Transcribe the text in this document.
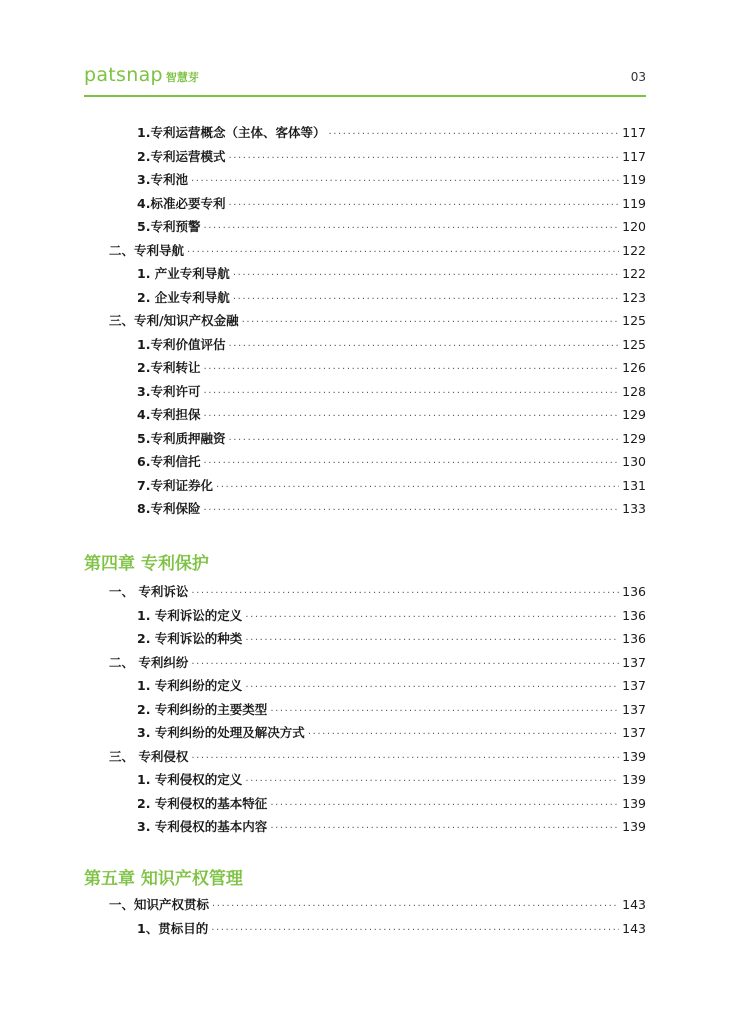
patsnap 智慧芽	03
1.专利运营概念（主体、客体等） ·····	117
2.专利运营模式 ·····	117
3.专利池 ·····	119
4.标准必要专利 ·····	119
5.专利预警 ·····	120
二、专利导航 ·····	122
1. 产业专利导航 ·····	122
2. 企业专利导航 ·····	123
三、专利/知识产权金融 ·····	125
1.专利价值评估 ·····	125
2.专利转让 ·····	126
3.专利许可 ·····	128
4.专利担保 ·····	129
5.专利质押融资 ·····	129
6.专利信托 ·····	130
7.专利证券化 ·····	131
8.专利保险 ·····	133
第四章 专利保护
一、 专利诉讼 ·····	136
1. 专利诉讼的定义 ·····	136
2. 专利诉讼的种类 ·····	136
二、 专利纠纷 ·····	137
1. 专利纠纷的定义 ·····	137
2. 专利纠纷的主要类型 ·····	137
3. 专利纠纷的处理及解决方式 ·····	137
三、 专利侵权 ·····	139
1. 专利侵权的定义 ·····	139
2. 专利侵权的基本特征 ·····	139
3. 专利侵权的基本内容 ·····	139
第五章 知识产权管理
一、知识产权贯标 ·····	143
1、贯标目的 ·····	143
